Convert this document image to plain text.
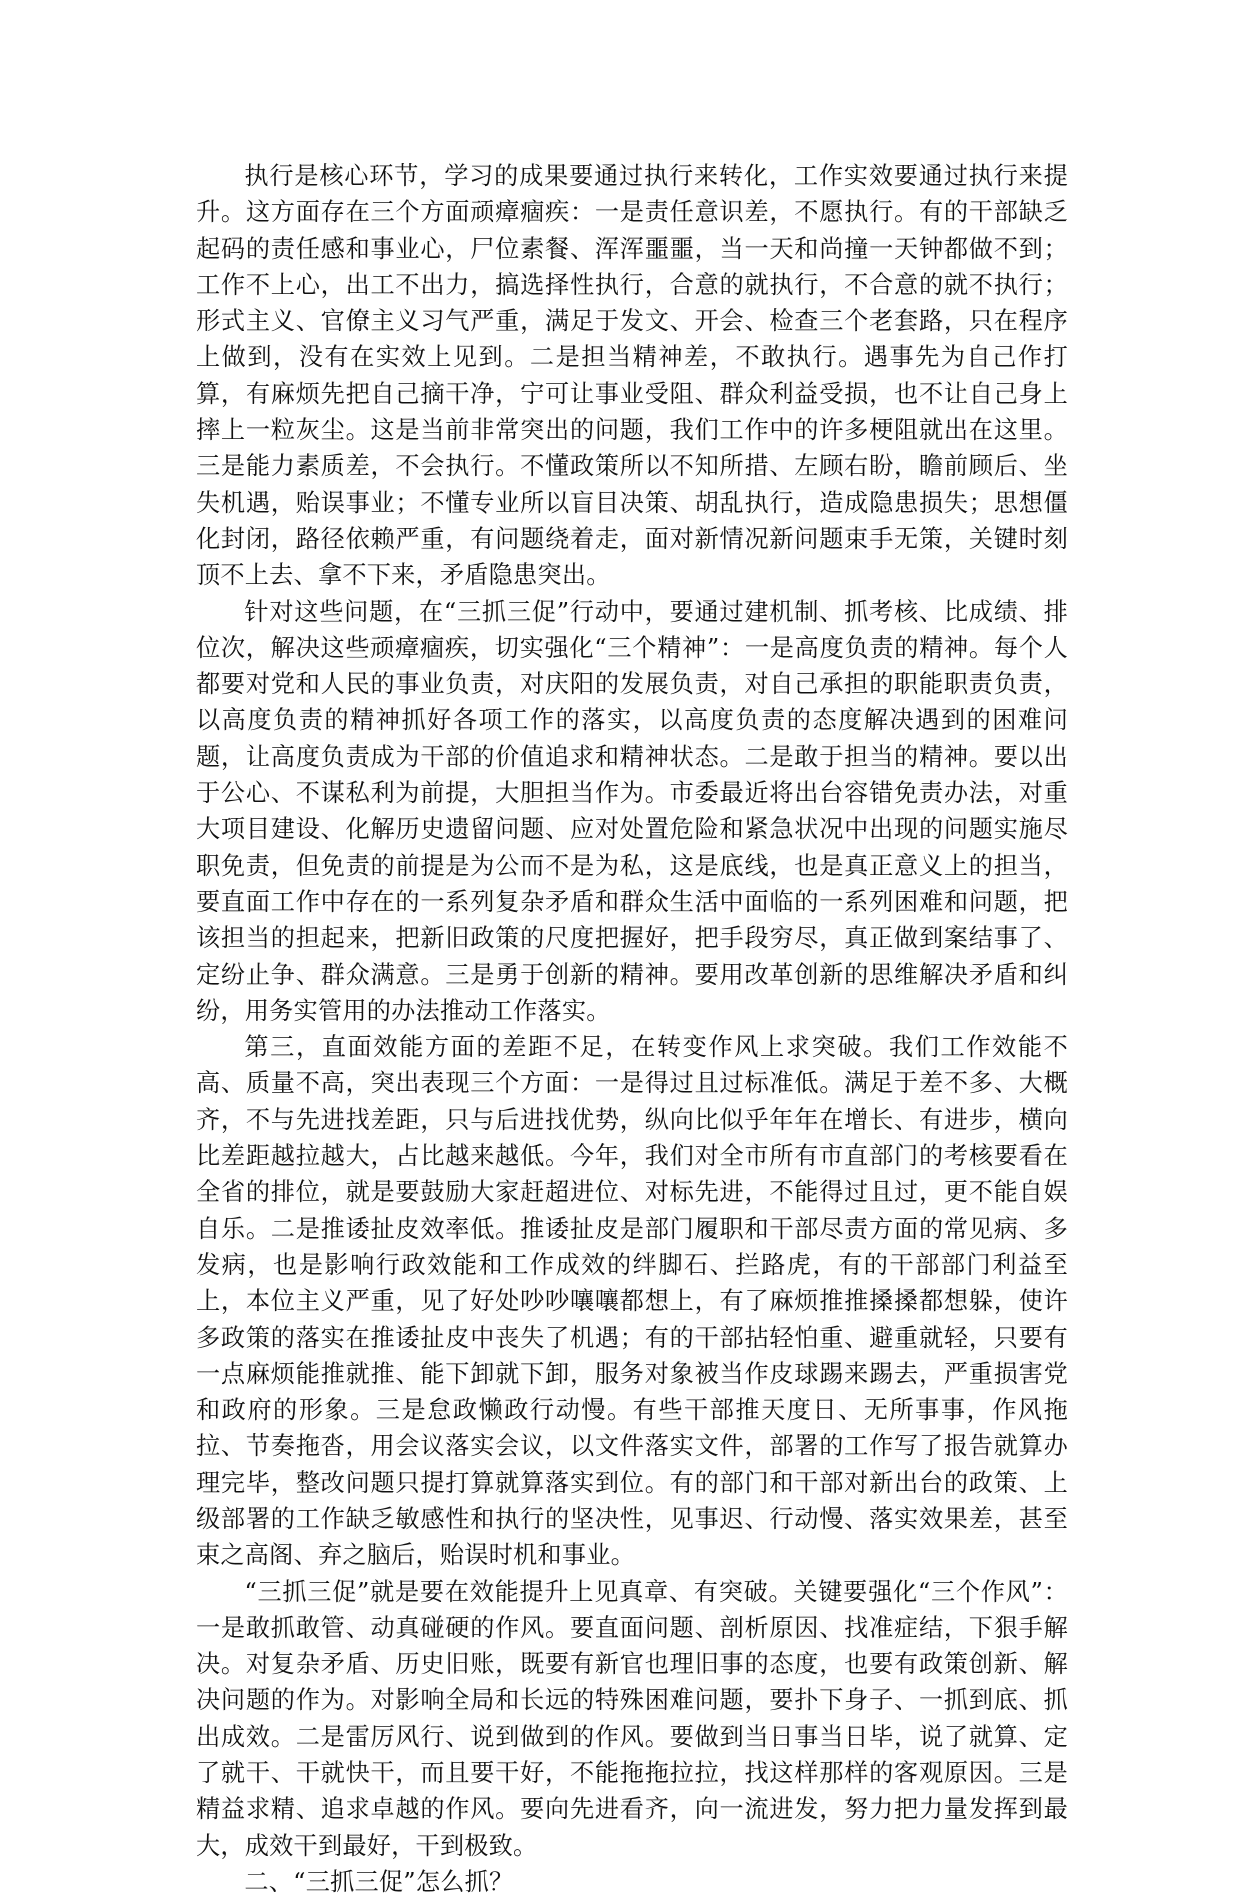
执行是核心环节，学习的成果要通过执行来转化，工作实效要通过执行来提升。这方面存在三个方面顽瘴痼疾：一是责任意识差，不愿执行。有的干部缺乏起码的责任感和事业心，尸位素餐、浑浑噩噩，当一天和尚撞一天钟都做不到；工作不上心，出工不出力，搞选择性执行，合意的就执行，不合意的就不执行；形式主义、官僚主义习气严重，满足于发文、开会、检查三个老套路，只在程序上做到，没有在实效上见到。二是担当精神差，不敢执行。遇事先为自己作打算，有麻烦先把自己摘干净，宁可让事业受阻、群众利益受损，也不让自己身上摔上一粒灰尘。这是当前非常突出的问题，我们工作中的许多梗阻就出在这里。三是能力素质差，不会执行。不懂政策所以不知所措、左顾右盼，瞻前顾后、坐失机遇，贻误事业；不懂专业所以盲目决策、胡乱执行，造成隐患损失；思想僵化封闭，路径依赖严重，有问题绕着走，面对新情况新问题束手无策，关键时刻顶不上去、拿不下来，矛盾隐患突出。

针对这些问题，在“三抓三促”行动中，要通过建机制、抓考核、比成绩、排位次，解决这些顽瘴痼疾，切实强化“三个精神”：一是高度负责的精神。每个人都要对党和人民的事业负责，对庆阳的发展负责，对自己承担的职能职责负责，以高度负责的精神抓好各项工作的落实，以高度负责的态度解决遇到的困难问题，让高度负责成为干部的价值追求和精神状态。二是敢于担当的精神。要以出于公心、不谋私利为前提，大胆担当作为。市委最近将出台容错免责办法，对重大项目建设、化解历史遗留问题、应对处置危险和紧急状况中出现的问题实施尽职免责，但免责的前提是为公而不是为私，这是底线，也是真正意义上的担当，要直面工作中存在的一系列复杂矛盾和群众生活中面临的一系列困难和问题，把该担当的担起来，把新旧政策的尺度把握好，把手段穷尽，真正做到案结事了、定纷止争、群众满意。三是勇于创新的精神。要用改革创新的思维解决矛盾和纠纷，用务实管用的办法推动工作落实。

第三，直面效能方面的差距不足，在转变作风上求突破。我们工作效能不高、质量不高，突出表现三个方面：一是得过且过标准低。满足于差不多、大概齐，不与先进找差距，只与后进找优势，纵向比似乎年年在增长、有进步，横向比差距越拉越大，占比越来越低。今年，我们对全市所有市直部门的考核要看在全省的排位，就是要鼓励大家赶超进位、对标先进，不能得过且过，更不能自娱自乐。二是推诿扯皮效率低。推诿扯皮是部门履职和干部尽责方面的常见病、多发病，也是影响行政效能和工作成效的绊脚石、拦路虎，有的干部部门利益至上，本位主义严重，见了好处吵吵嚷嚷都想上，有了麻烦推推搡搡都想躲，使许多政策的落实在推诿扯皮中丧失了机遇；有的干部拈轻怕重、避重就轻，只要有一点麻烦能推就推、能下卸就下卸，服务对象被当作皮球踢来踢去，严重损害党和政府的形象。三是怠政懒政行动慢。有些干部推天度日、无所事事，作风拖拉、节奏拖沓，用会议落实会议，以文件落实文件，部署的工作写了报告就算办理完毕，整改问题只提打算就算落实到位。有的部门和干部对新出台的政策、上级部署的工作缺乏敏感性和执行的坚决性，见事迟、行动慢、落实效果差，甚至束之高阁、弃之脑后，贻误时机和事业。

“三抓三促”就是要在效能提升上见真章、有突破。关键要强化“三个作风”：一是敢抓敢管、动真碰硬的作风。要直面问题、剖析原因、找准症结，下狠手解决。对复杂矛盾、历史旧账，既要有新官也理旧事的态度，也要有政策创新、解决问题的作为。对影响全局和长远的特殊困难问题，要扑下身子、一抓到底、抓出成效。二是雷厉风行、说到做到的作风。要做到当日事当日毕，说了就算、定了就干、干就快干，而且要干好，不能拖拖拉拉，找这样那样的客观原因。三是精益求精、追求卓越的作风。要向先进看齐，向一流进发，努力把力量发挥到最大，成效干到最好，干到极致。

二、“三抓三促”怎么抓？
